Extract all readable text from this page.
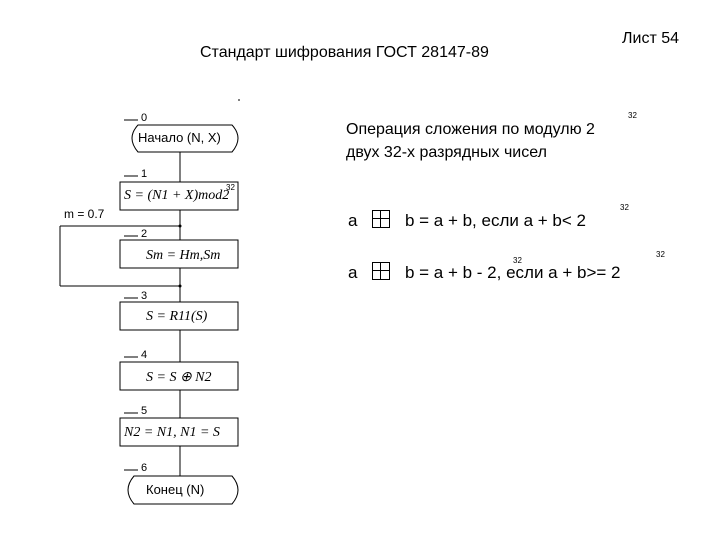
Стандарт шифрования ГОСТ 28147-89
Лист 54
Операция сложения по модулю 2
двух 32-х разрядных чисел
32
a	b = a + b, если a + b< 2
32
a	b = a + b - 2, если a + b>= 2
32
32
0
1
2
3
4
5
6
Начало (N, X)
S = (N1 + X)mod2
32
Sm = Hm,Sm
S = R11(S)
S = S ⊕ N2
N2 = N1, N1 = S
Конец (N)
m = 0.7
